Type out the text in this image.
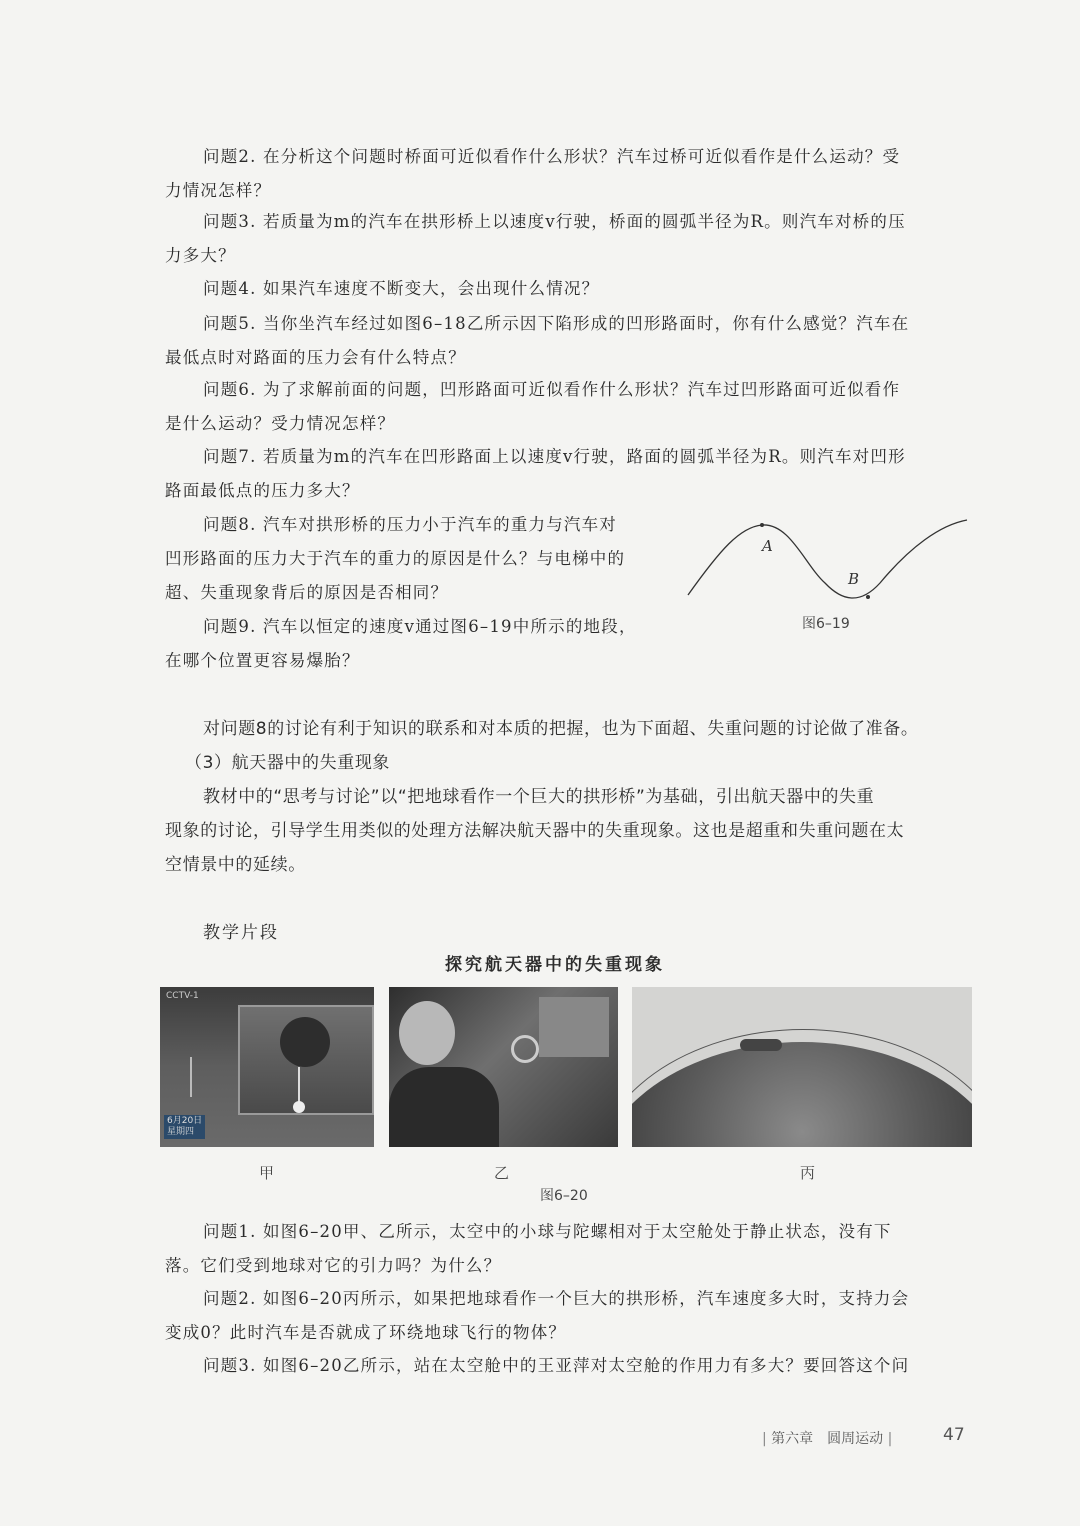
问题2. 在分析这个问题时桥面可近似看作什么形状？汽车过桥可近似看作是什么运动？受
力情况怎样？
问题3. 若质量为m的汽车在拱形桥上以速度v行驶，桥面的圆弧半径为R。则汽车对桥的压
力多大？
问题4. 如果汽车速度不断变大，会出现什么情况？
问题5. 当你坐汽车经过如图6–18乙所示因下陷形成的凹形路面时，你有什么感觉？汽车在
最低点时对路面的压力会有什么特点？
问题6. 为了求解前面的问题，凹形路面可近似看作什么形状？汽车过凹形路面可近似看作
是什么运动？受力情况怎样？
问题7. 若质量为m的汽车在凹形路面上以速度v行驶，路面的圆弧半径为R。则汽车对凹形
路面最低点的压力多大？
问题8. 汽车对拱形桥的压力小于汽车的重力与汽车对
凹形路面的压力大于汽车的重力的原因是什么？与电梯中的
超、失重现象背后的原因是否相同？
问题9. 汽车以恒定的速度v通过图6–19中所示的地段，
在哪个位置更容易爆胎？
A
B
图6–19
对问题8的讨论有利于知识的联系和对本质的把握，也为下面超、失重问题的讨论做了准备。
（3）航天器中的失重现象
教材中的“思考与讨论”以“把地球看作一个巨大的拱形桥”为基础，引出航天器中的失重
现象的讨论，引导学生用类似的处理方法解决航天器中的失重现象。这也是超重和失重问题在太
空情景中的延续。
教学片段
探究航天器中的失重现象
CCTV-1
6月20日
星期四
甲	乙	丙
图6–20
问题1. 如图6–20甲、乙所示，太空中的小球与陀螺相对于太空舱处于静止状态，没有下
落。它们受到地球对它的引力吗？为什么？
问题2. 如图6–20丙所示，如果把地球看作一个巨大的拱形桥，汽车速度多大时，支持力会
变成0？此时汽车是否就成了环绕地球飞行的物体？
问题3. 如图6–20乙所示，站在太空舱中的王亚萍对太空舱的作用力有多大？要回答这个问
| 第六章　圆周运动 |	47
